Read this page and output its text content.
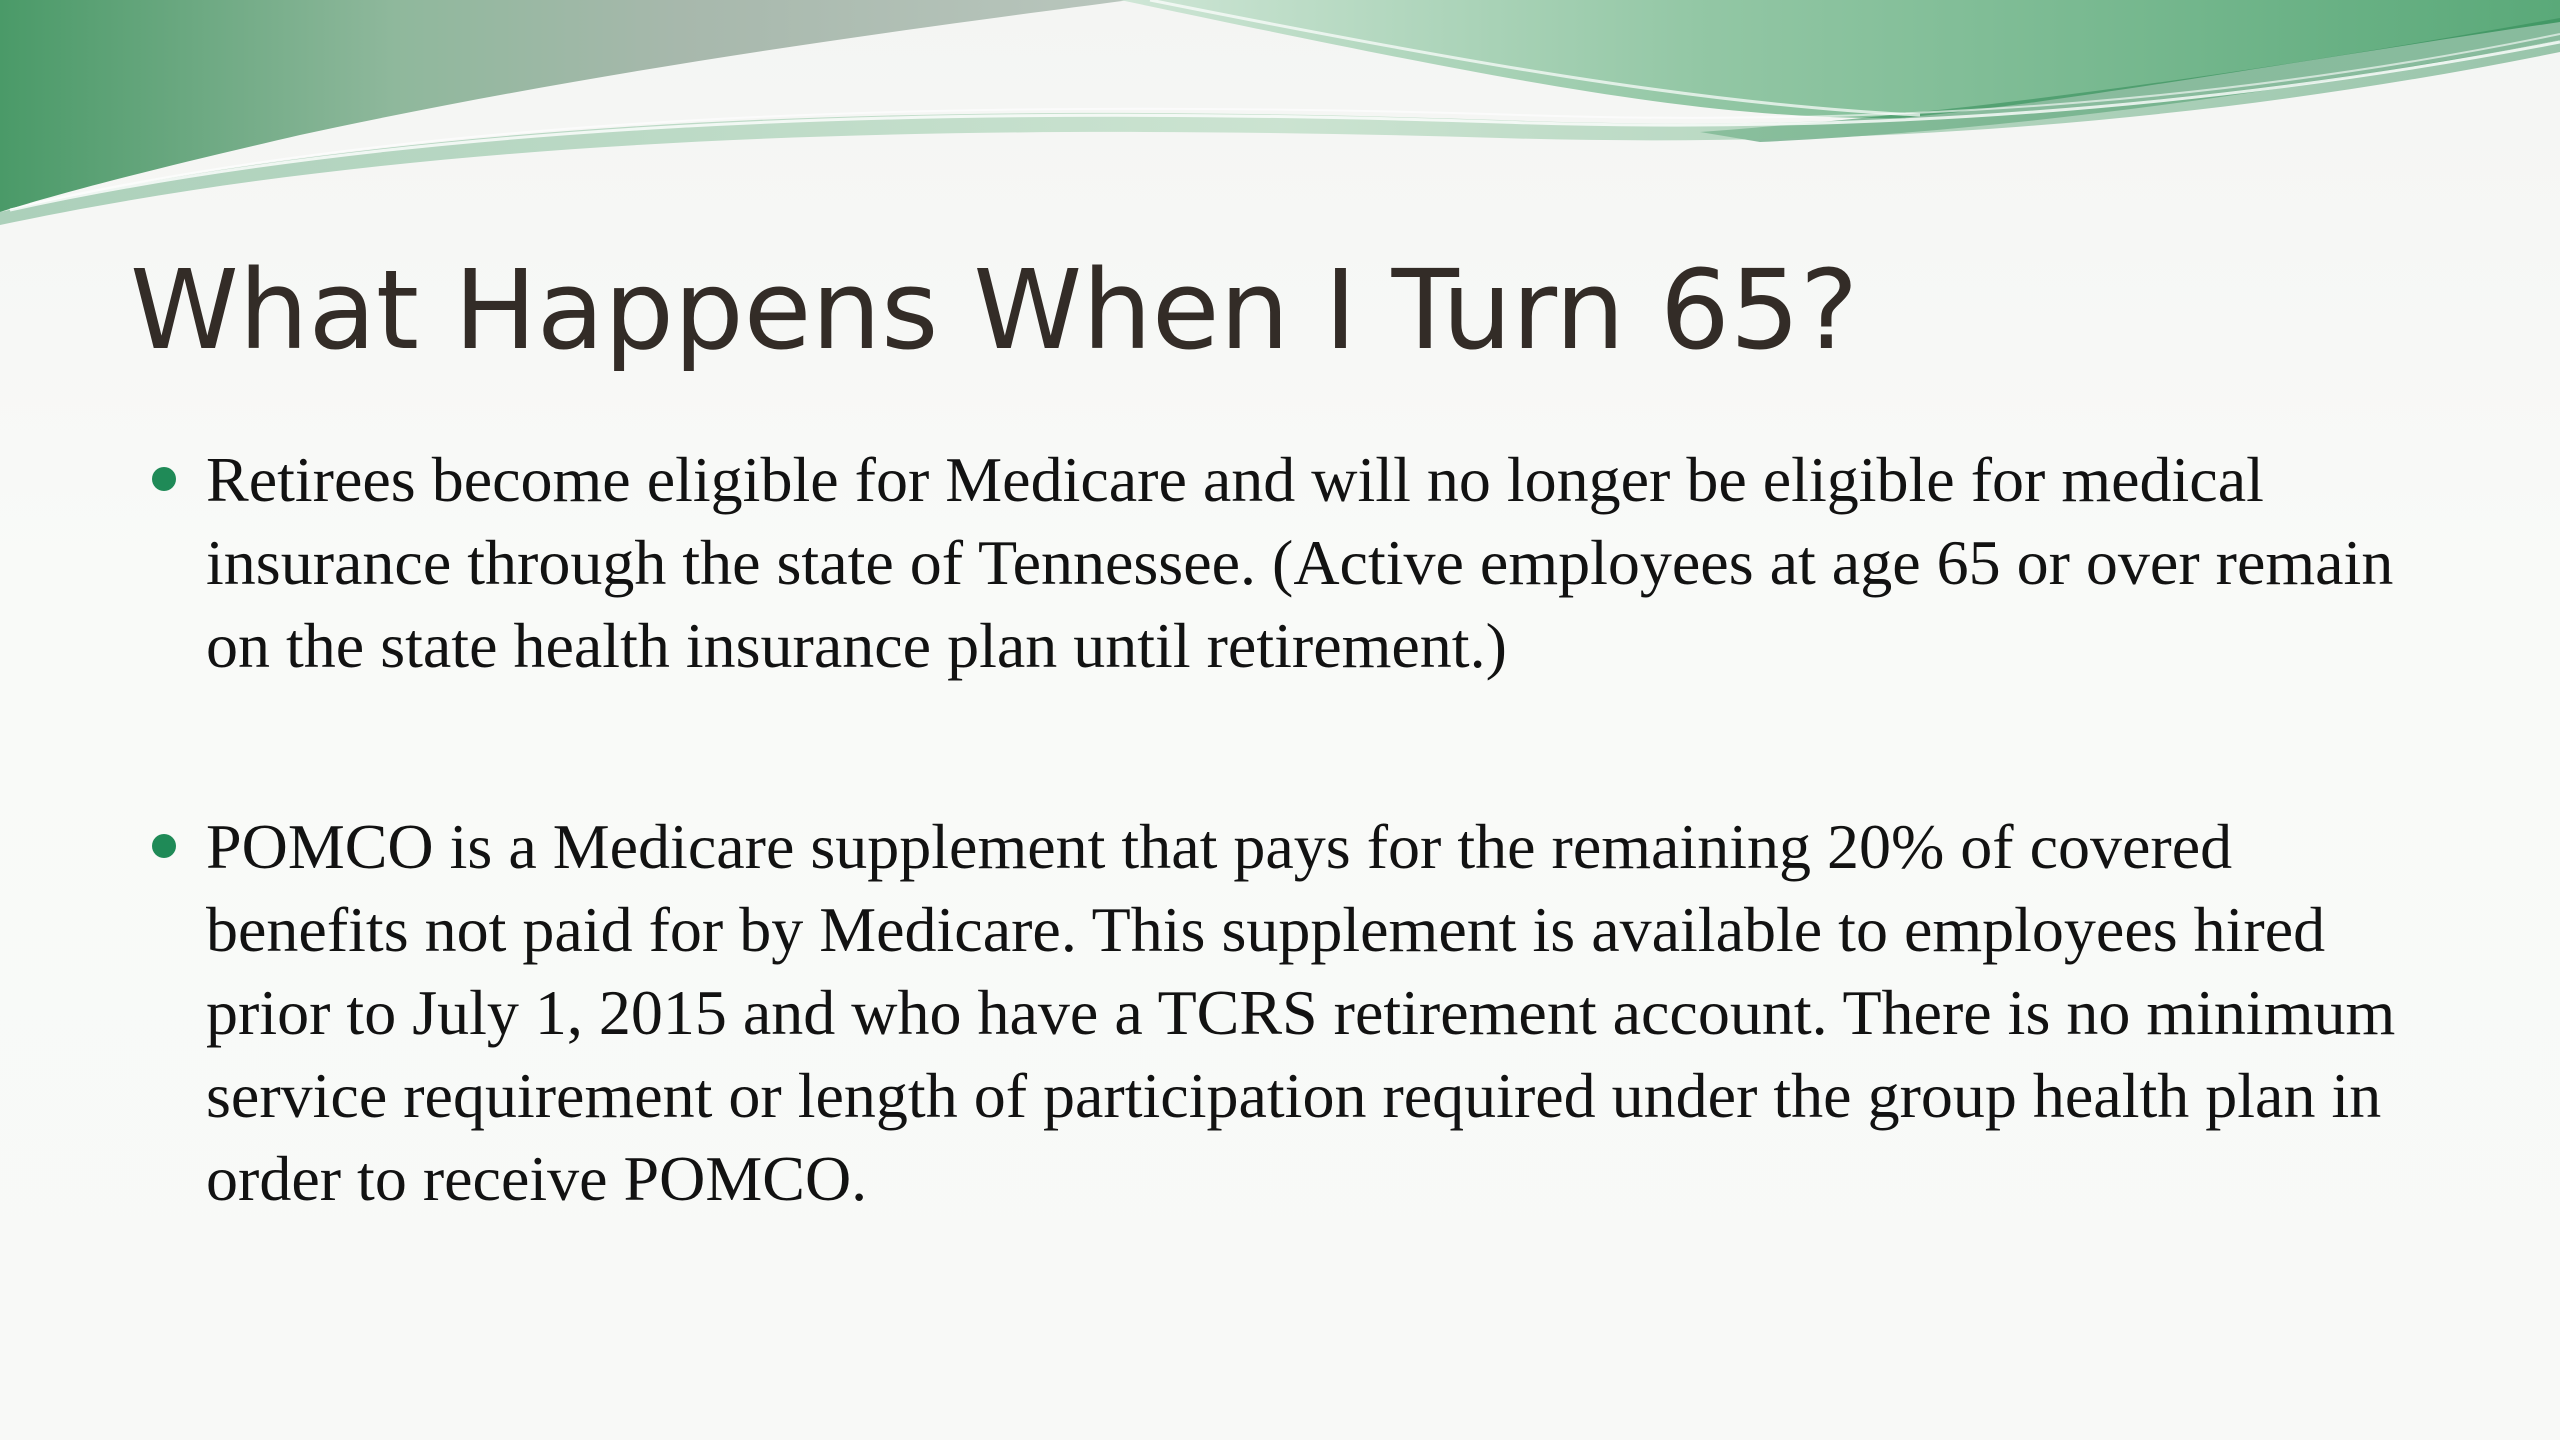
What Happens When I Turn 65?
Retirees become eligible for Medicare and will no longer be eligible for medical insurance through the state of Tennessee. (Active employees at age 65 or over remain on the state health insurance plan until retirement.)
POMCO is a Medicare supplement that pays for the remaining 20% of covered benefits not paid for by Medicare. This supplement is available to employees hired prior to July 1, 2015 and who have a TCRS retirement account. There is no minimum service requirement or length of participation required under the group health plan in order to receive POMCO.
